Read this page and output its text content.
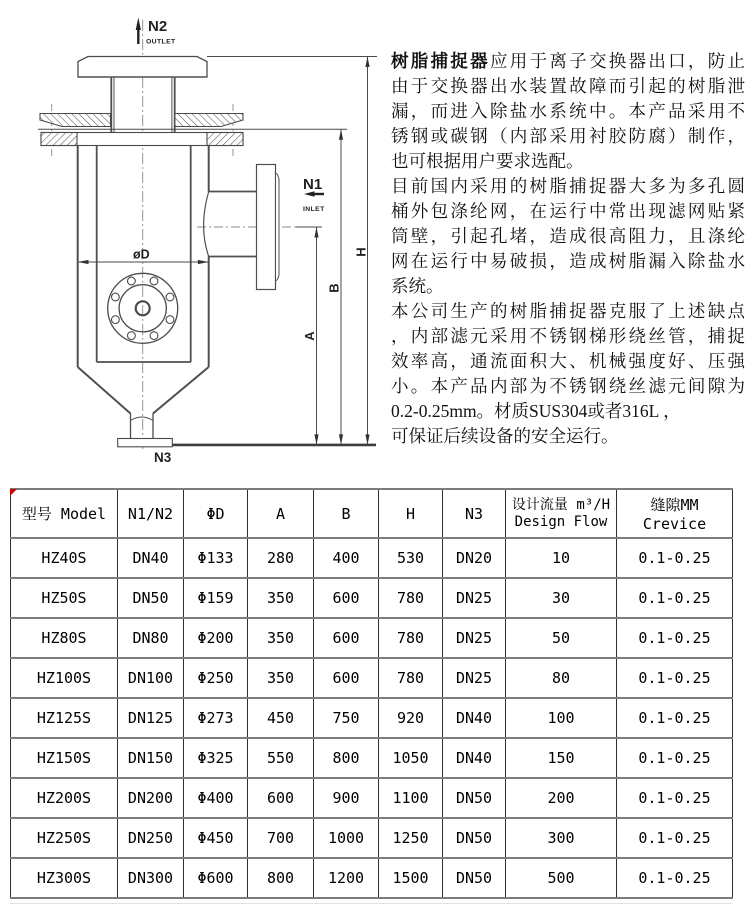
N2
OUTLET
øD
N3
N1
INLET
A
B
H
树脂捕捉器应用于离子交换器出口，防止
由于交换器出水装置故障而引起的树脂泄
漏，而进入除盐水系统中。本产品采用不
锈钢或碳钢（内部采用衬胶防腐）制作，
也可根据用户要求选配。
目前国内采用的树脂捕捉器大多为多孔圆
桶外包涤纶网，在运行中常出现滤网贴紧
筒壁，引起孔堵，造成很高阻力，且涤纶
网在运行中易破损，造成树脂漏入除盐水
系统。
本公司生产的树脂捕捉器克服了上述缺点
，内部滤元采用不锈钢梯形绕丝管，捕捉
效率高，通流面积大、机械强度好、压强
小。本产品内部为不锈钢绕丝滤元间隙为
0.2-0.25mm。材质SUS304或者316L ，
可保证后续设备的安全运行。
型号 Model	N1/N2	ΦD	A	B	H	N3	设计流量 m³/H
Design Flow	缝隙MM Crevice
HZ40S	DN40	Φ133	280	400	530	DN20	10	0.1-0.25
HZ50S	DN50	Φ159	350	600	780	DN25	30	0.1-0.25
HZ80S	DN80	Φ200	350	600	780	DN25	50	0.1-0.25
HZ100S	DN100	Φ250	350	600	780	DN25	80	0.1-0.25
HZ125S	DN125	Φ273	450	750	920	DN40	100	0.1-0.25
HZ150S	DN150	Φ325	550	800	1050	DN40	150	0.1-0.25
HZ200S	DN200	Φ400	600	900	1100	DN50	200	0.1-0.25
HZ250S	DN250	Φ450	700	1000	1250	DN50	300	0.1-0.25
HZ300S	DN300	Φ600	800	1200	1500	DN50	500	0.1-0.25
